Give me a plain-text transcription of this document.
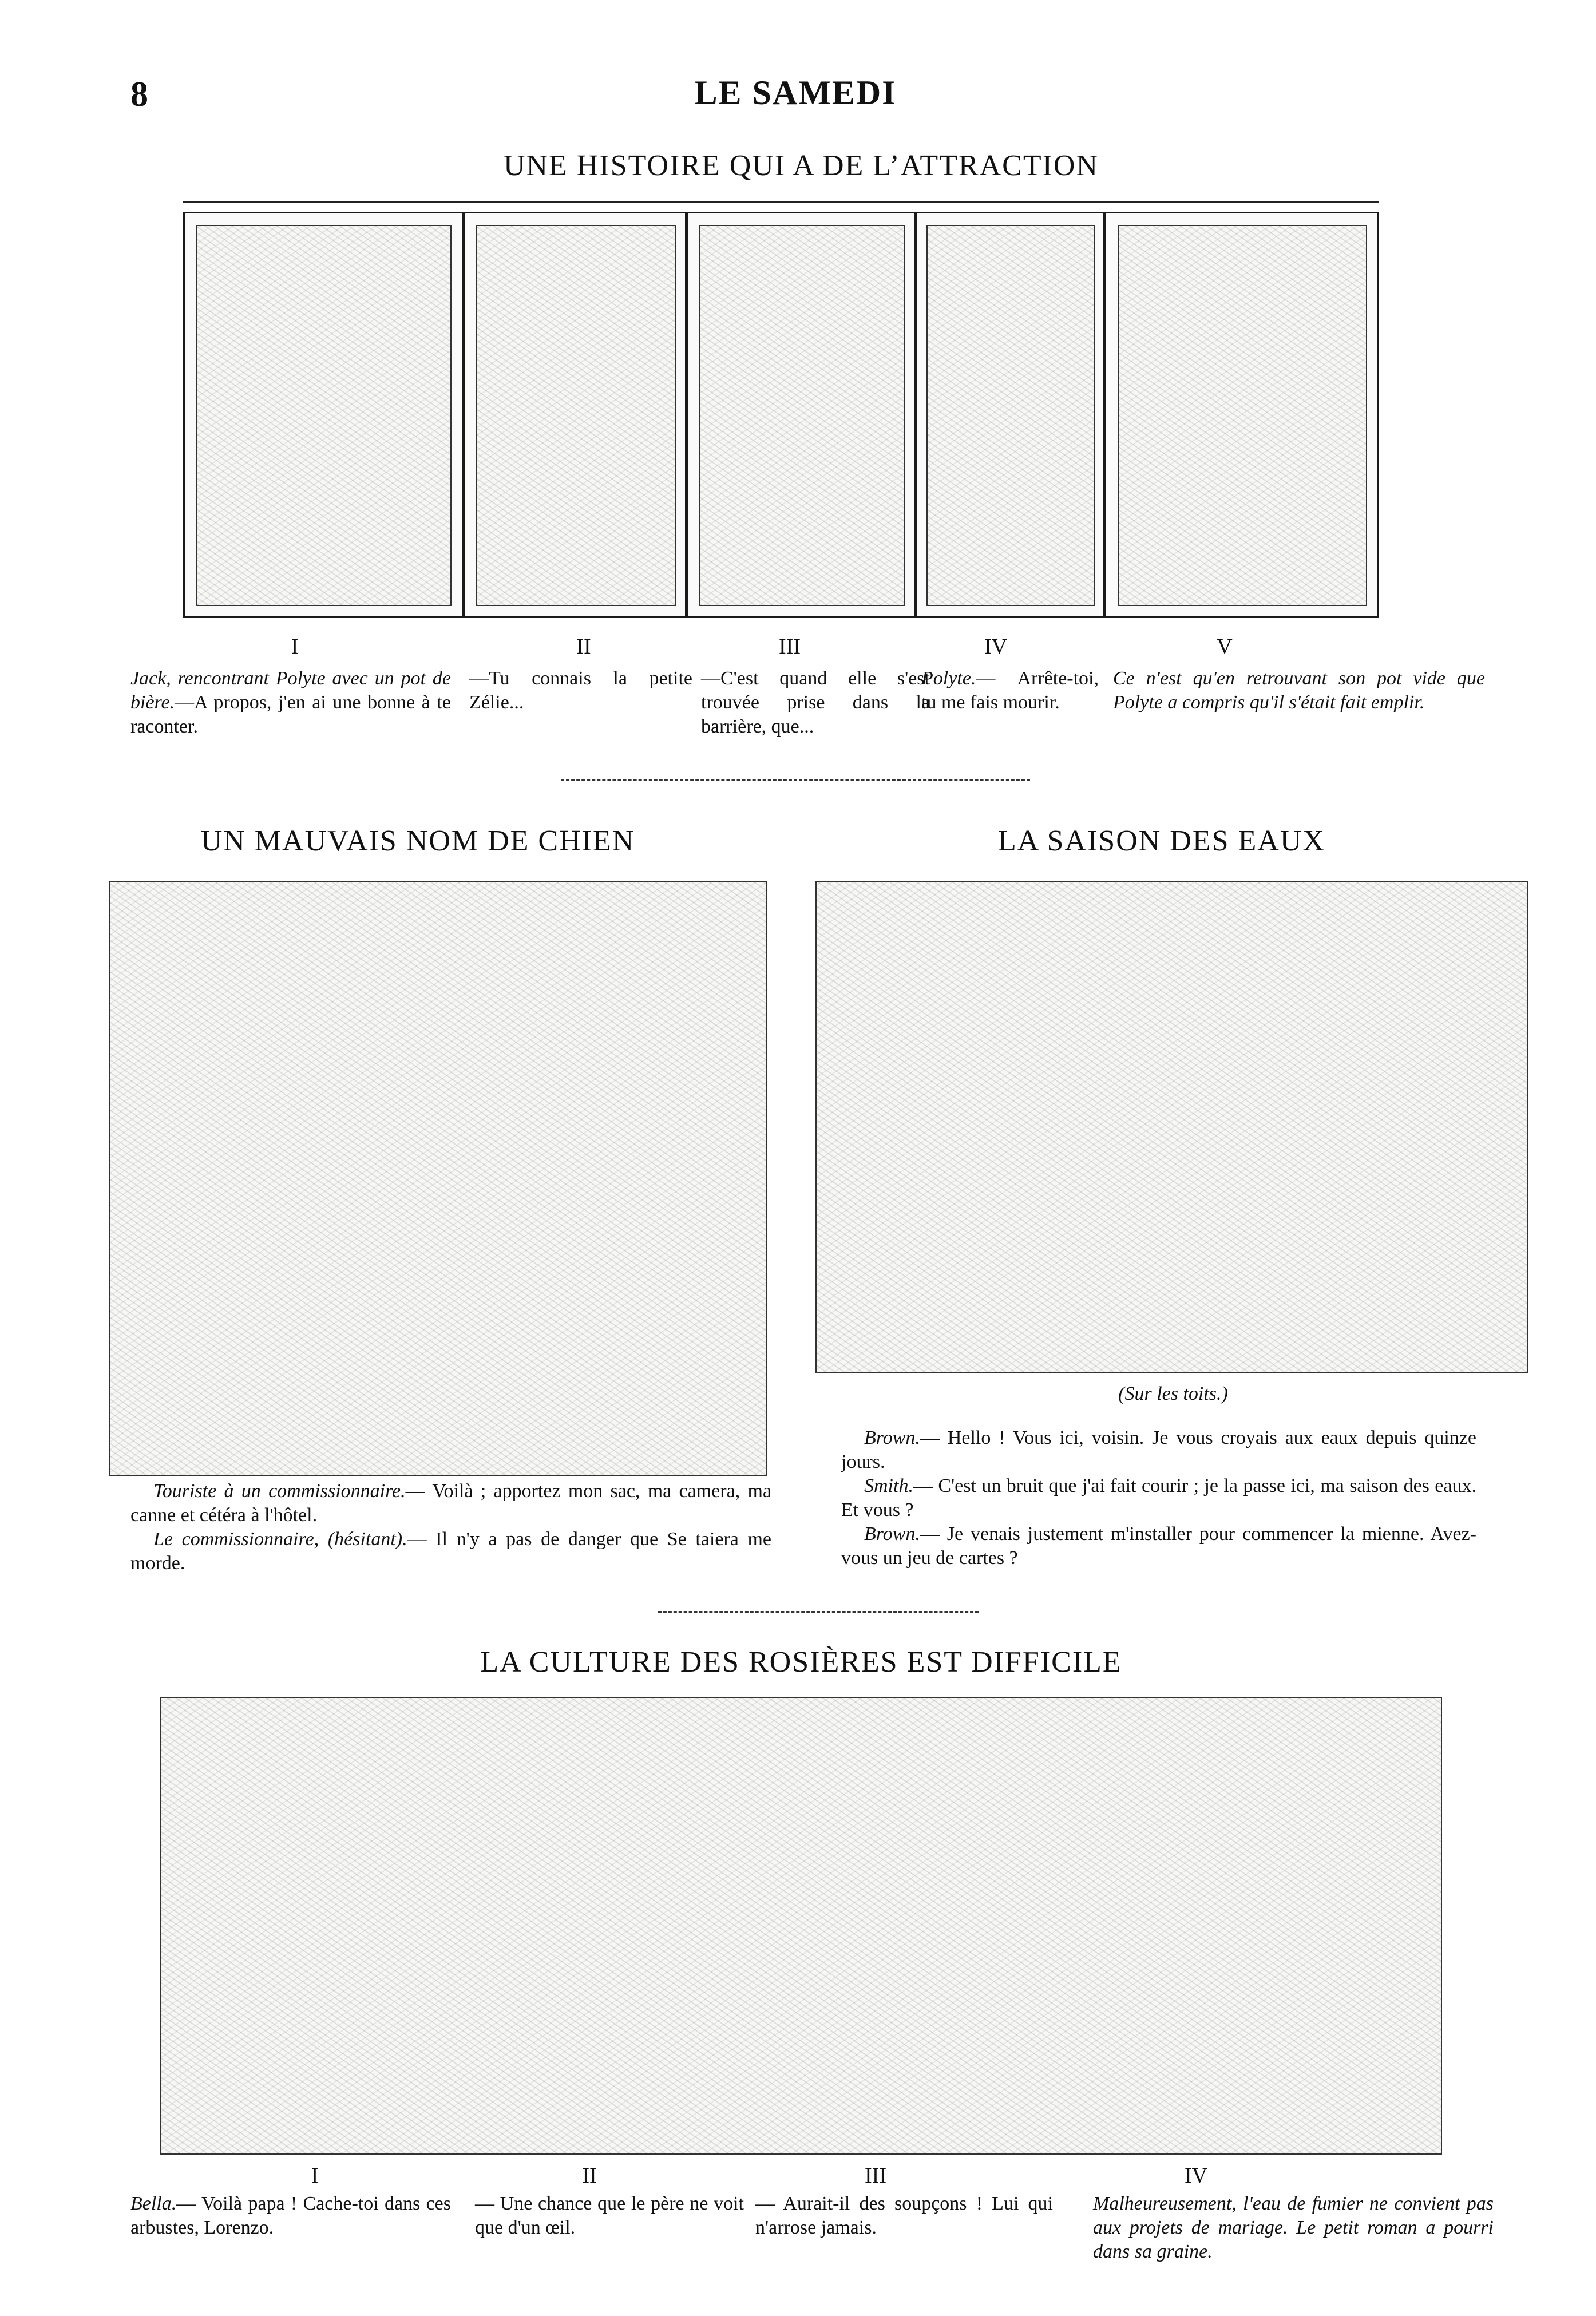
8	LE SAMEDI
UNE HISTOIRE QUI A DE L’ATTRACTION
I	II	III	IV	V
Jack, rencontrant Polyte avec un pot de bière.—A propos, j'en ai une bonne à te raconter.
—Tu connais la petite Zélie...
—C'est quand elle s'est trouvée prise dans la barrière, que...
Polyte.— Arrête-toi, tu me fais mourir.
Ce n'est qu'en retrouvant son pot vide que Polyte a compris qu'il s'était fait emplir.
UN MAUVAIS NOM DE CHIEN
Touriste à un commissionnaire.— Voilà ; apportez mon sac, ma camera, ma canne et cétéra à l'hôtel.
Le commissionnaire, (hésitant).— Il n'y a pas de danger que Se taiera me morde.
LA SAISON DES EAUX
(Sur les toits.)
Brown.— Hello ! Vous ici, voisin. Je vous croyais aux eaux depuis quinze jours.
Smith.— C'est un bruit que j'ai fait courir ; je la passe ici, ma saison des eaux. Et vous ?
Brown.— Je venais justement m'installer pour commencer la mienne. Avez-vous un jeu de cartes ?
LA CULTURE DES ROSIÈRES EST DIFFICILE
I	II	III	IV
Bella.— Voilà papa ! Cache-toi dans ces arbustes, Lorenzo.
— Une chance que le père ne voit que d'un œil.
— Aurait-il des soupçons ! Lui qui n'arrose jamais.
Malheureusement, l'eau de fumier ne convient pas aux projets de mariage. Le petit roman a pourri dans sa graine.
